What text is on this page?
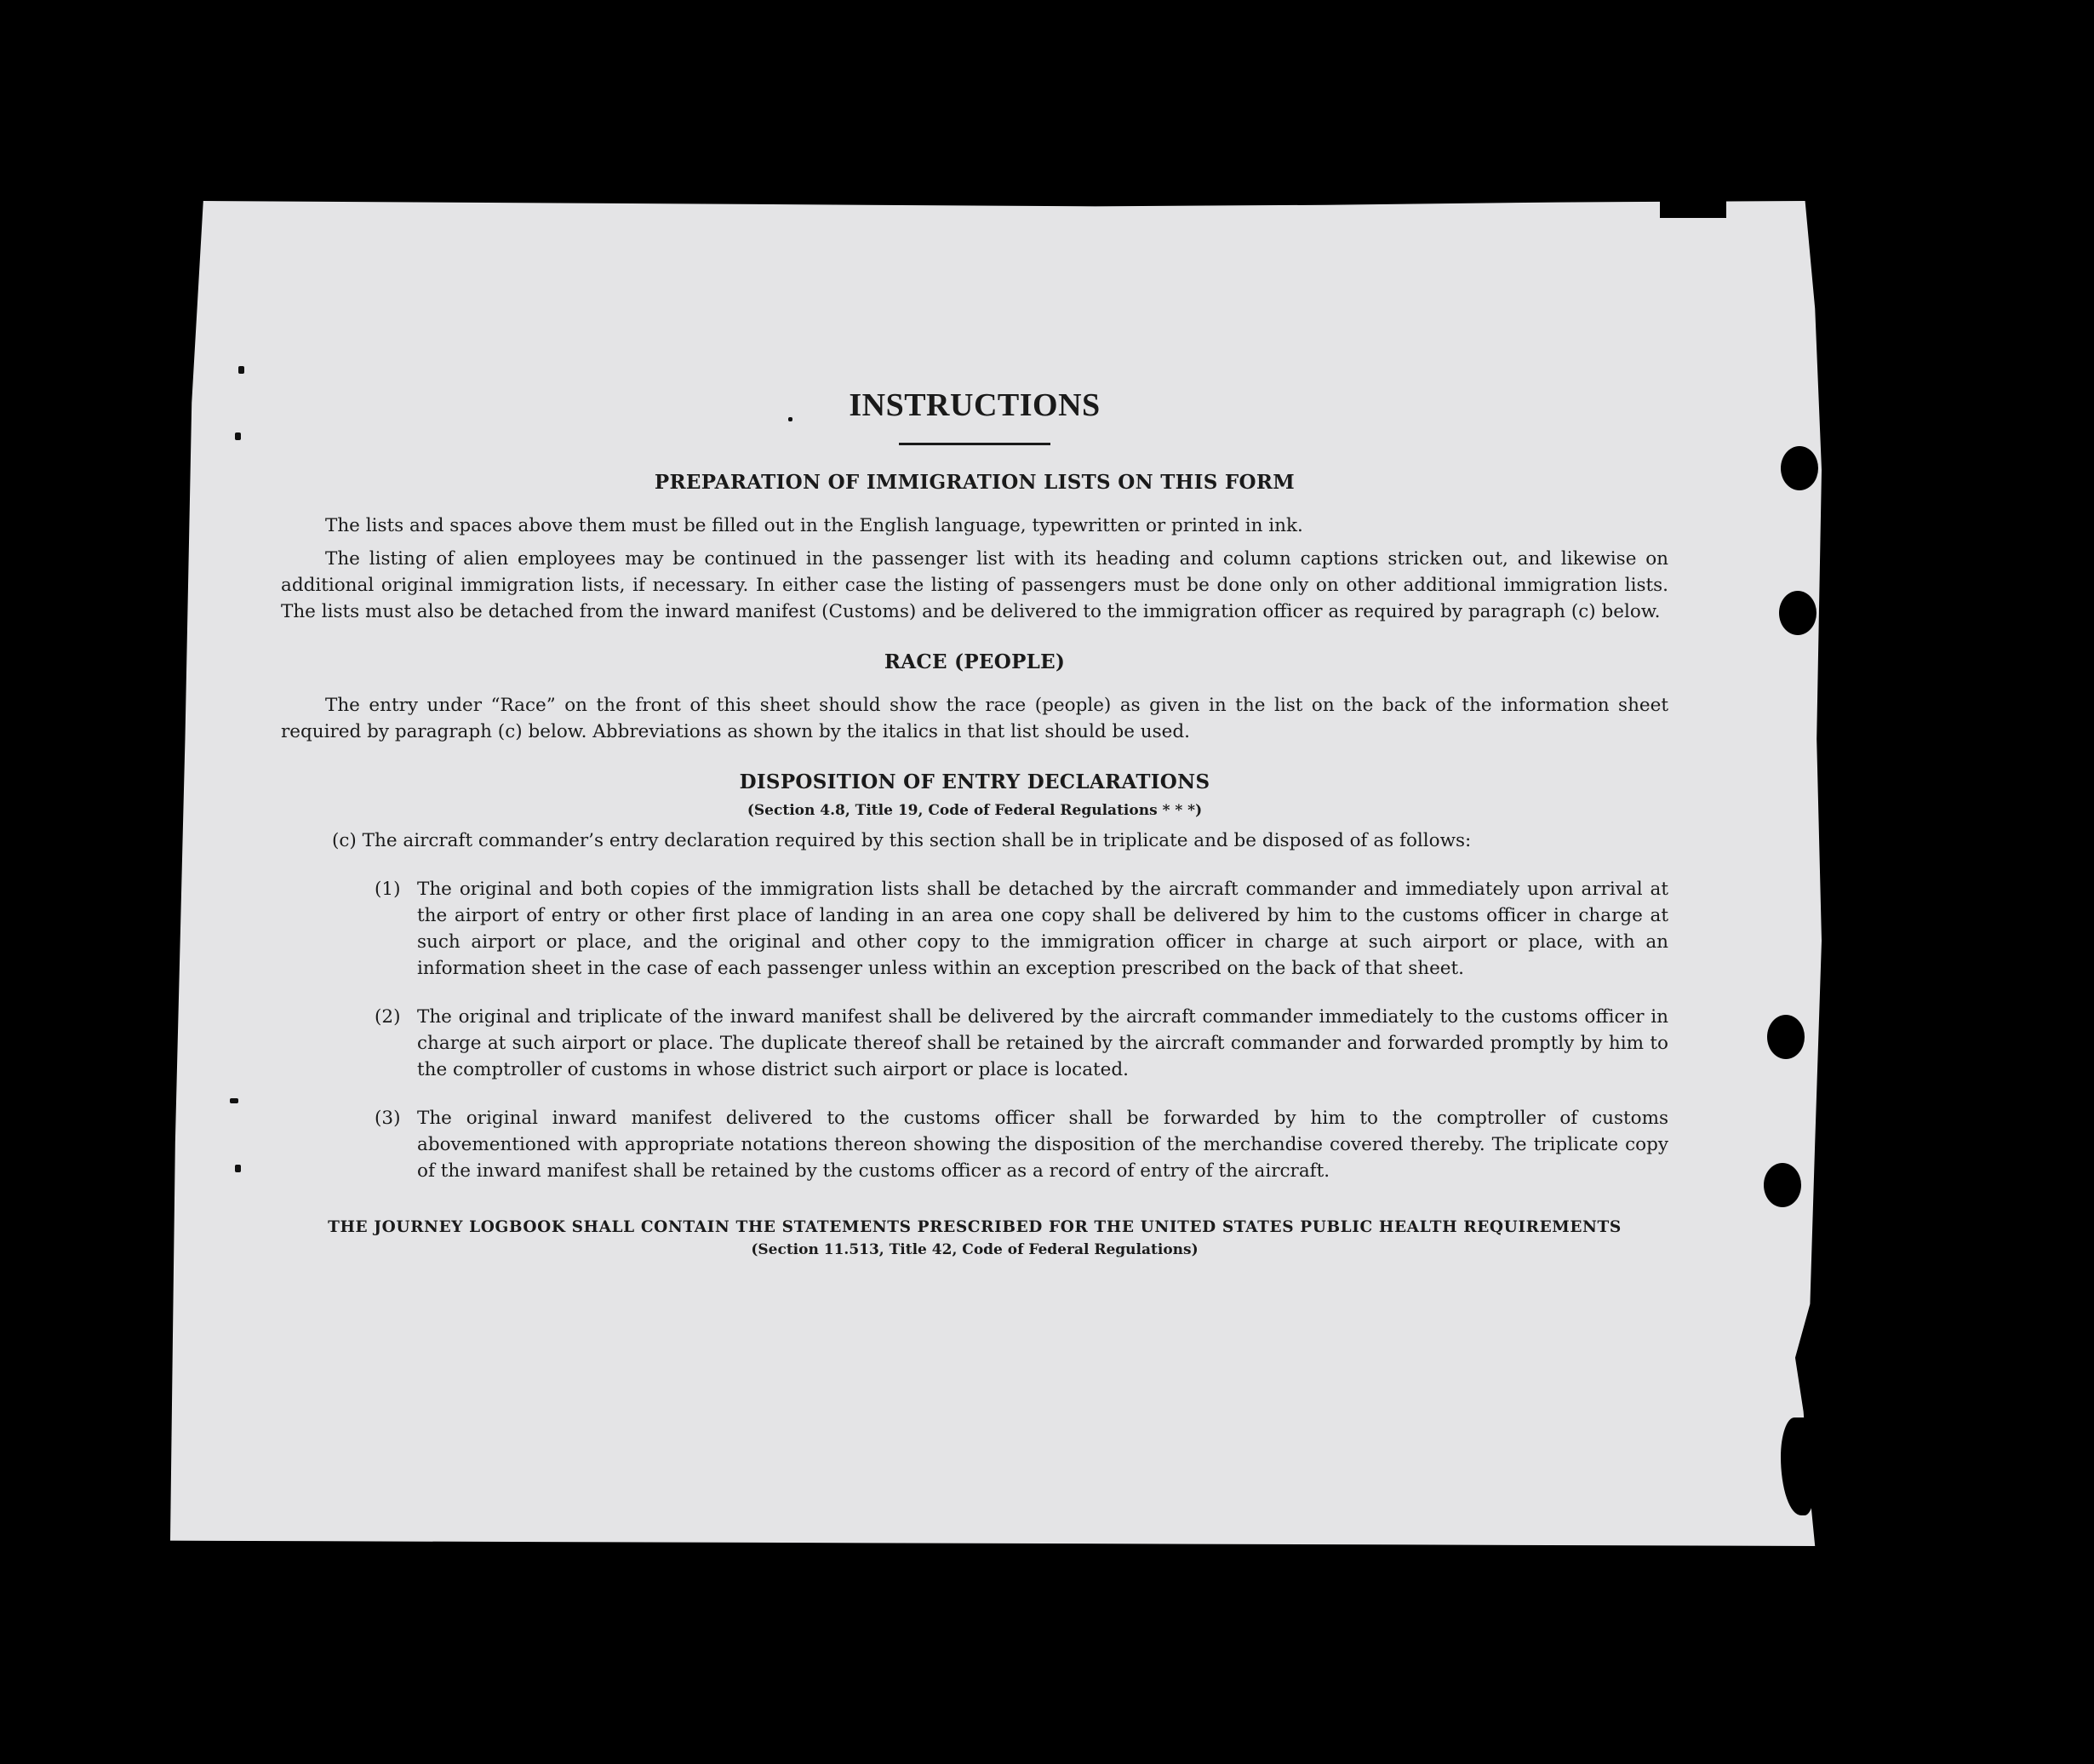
INSTRUCTIONS
PREPARATION OF IMMIGRATION LISTS ON THIS FORM

The lists and spaces above them must be filled out in the English language, typewritten or printed in ink.

The listing of alien employees may be continued in the passenger list with its heading and column captions stricken out, and likewise on additional original immigration lists, if necessary. In either case the listing of passengers must be done only on other additional immigration lists. The lists must also be detached from the inward manifest (Customs) and be delivered to the immigration officer as required by paragraph (c) below.

RACE (PEOPLE)

The entry under “Race” on the front of this sheet should show the race (people) as given in the list on the back of the information sheet required by paragraph (c) below. Abbreviations as shown by the italics in that list should be used.

DISPOSITION OF ENTRY DECLARATIONS
(Section 4.8, Title 19, Code of Federal Regulations * * *)

(c) The aircraft commander’s entry declaration required by this section shall be in triplicate and be disposed of as follows:

(1) The original and both copies of the immigration lists shall be detached by the aircraft commander and immediately upon arrival at the airport of entry or other first place of landing in an area one copy shall be delivered by him to the customs officer in charge at such airport or place, and the original and other copy to the immigration officer in charge at such airport or place, with an information sheet in the case of each passenger unless within an exception prescribed on the back of that sheet.

(2) The original and triplicate of the inward manifest shall be delivered by the aircraft commander immediately to the customs officer in charge at such airport or place. The duplicate thereof shall be retained by the aircraft commander and forwarded promptly by him to the comptroller of customs in whose district such airport or place is located.

(3) The original inward manifest delivered to the customs officer shall be forwarded by him to the comptroller of customs abovementioned with appropriate notations thereon showing the disposition of the merchandise covered thereby. The triplicate copy of the inward manifest shall be retained by the customs officer as a record of entry of the aircraft.

THE JOURNEY LOGBOOK SHALL CONTAIN THE STATEMENTS PRESCRIBED FOR THE UNITED STATES PUBLIC HEALTH REQUIREMENTS
(Section 11.513, Title 42, Code of Federal Regulations)
